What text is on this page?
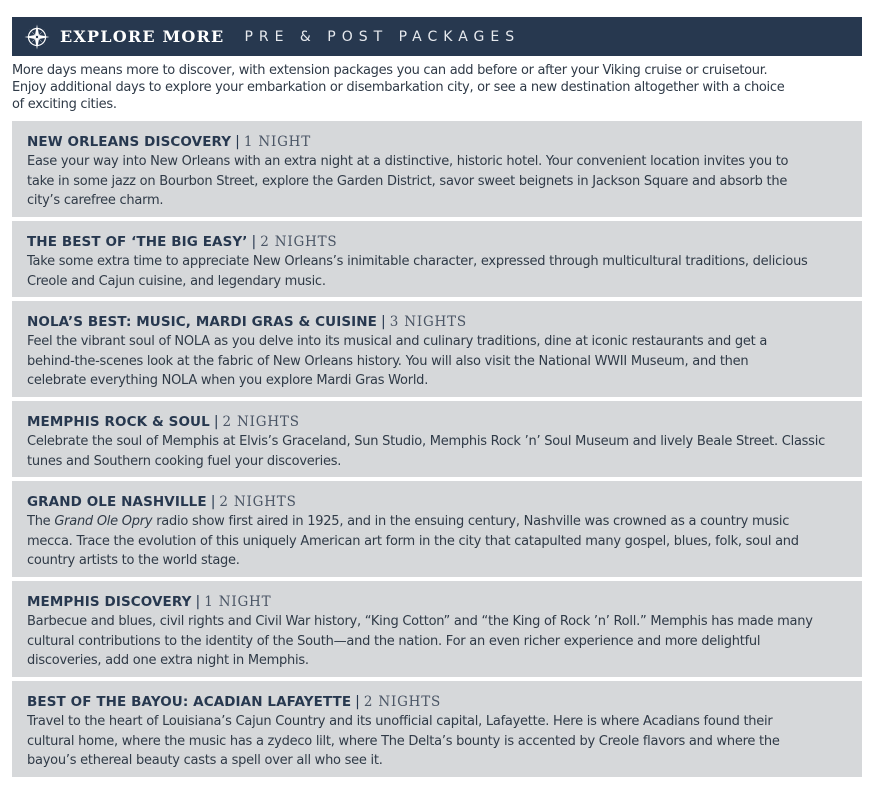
EXPLORE MORE PRE & POST PACKAGES
More days means more to discover, with extension packages you can add before or after your Viking cruise or cruisetour.
Enjoy additional days to explore your embarkation or disembarkation city, or see a new destination altogether with a choice
of exciting cities.
NEW ORLEANS DISCOVERY | 1 NIGHT
Ease your way into New Orleans with an extra night at a distinctive, historic hotel. Your convenient location invites you to
take in some jazz on Bourbon Street, explore the Garden District, savor sweet beignets in Jackson Square and absorb the
city’s carefree charm.
THE BEST OF ‘THE BIG EASY’ | 2 NIGHTS
Take some extra time to appreciate New Orleans’s inimitable character, expressed through multicultural traditions, delicious
Creole and Cajun cuisine, and legendary music.
NOLA’S BEST: MUSIC, MARDI GRAS & CUISINE | 3 NIGHTS
Feel the vibrant soul of NOLA as you delve into its musical and culinary traditions, dine at iconic restaurants and get a
behind-the-scenes look at the fabric of New Orleans history. You will also visit the National WWII Museum, and then
celebrate everything NOLA when you explore Mardi Gras World.
MEMPHIS ROCK & SOUL | 2 NIGHTS
Celebrate the soul of Memphis at Elvis’s Graceland, Sun Studio, Memphis Rock ’n’ Soul Museum and lively Beale Street. Classic
tunes and Southern cooking fuel your discoveries.
GRAND OLE NASHVILLE | 2 NIGHTS
The Grand Ole Opry radio show first aired in 1925, and in the ensuing century, Nashville was crowned as a country music
mecca. Trace the evolution of this uniquely American art form in the city that catapulted many gospel, blues, folk, soul and
country artists to the world stage.
MEMPHIS DISCOVERY | 1 NIGHT
Barbecue and blues, civil rights and Civil War history, “King Cotton” and “the King of Rock ’n’ Roll.” Memphis has made many
cultural contributions to the identity of the South—and the nation. For an even richer experience and more delightful
discoveries, add one extra night in Memphis.
BEST OF THE BAYOU: ACADIAN LAFAYETTE | 2 NIGHTS
Travel to the heart of Louisiana’s Cajun Country and its unofficial capital, Lafayette. Here is where Acadians found their
cultural home, where the music has a zydeco lilt, where The Delta’s bounty is accented by Creole flavors and where the
bayou’s ethereal beauty casts a spell over all who see it.
